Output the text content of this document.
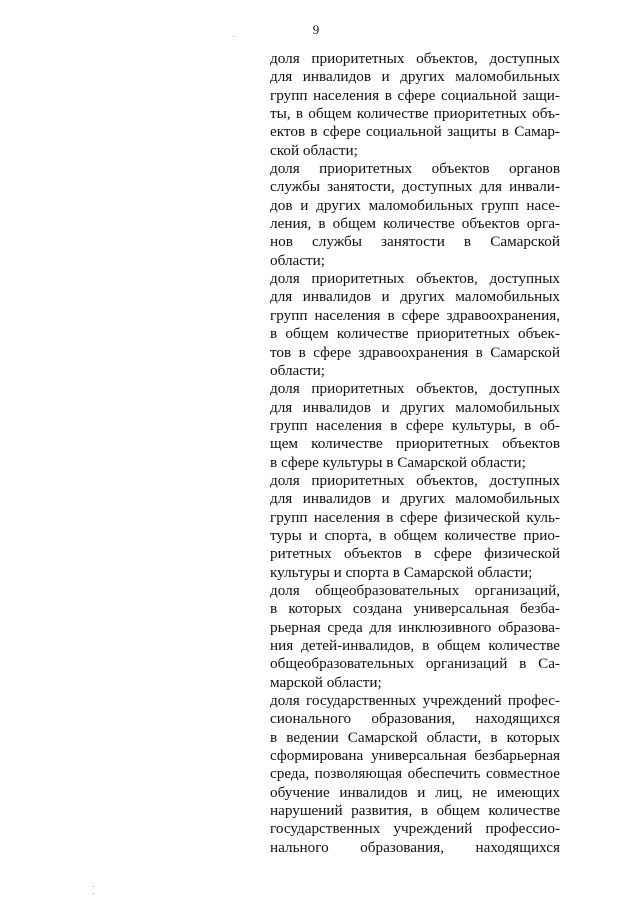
9
доля приоритетных объектов, доступных
для инвалидов и других маломобильных
групп населения в сфере социальной защи-
ты, в общем количестве приоритетных объ-
ектов в сфере социальной защиты в Самар-
ской области;
доля приоритетных объектов органов
службы занятости, доступных для инвали-
дов и других маломобильных групп насе-
ления, в общем количестве объектов орга-
нов службы занятости в Самарской
области;
доля приоритетных объектов, доступных
для инвалидов и других маломобильных
групп населения в сфере здравоохранения,
в общем количестве приоритетных объек-
тов в сфере здравоохранения в Самарской
области;
доля приоритетных объектов, доступных
для инвалидов и других маломобильных
групп населения в сфере культуры, в об-
щем количестве приоритетных объектов
в сфере культуры в Самарской области;
доля приоритетных объектов, доступных
для инвалидов и других маломобильных
групп населения в сфере физической куль-
туры и спорта, в общем количестве прио-
ритетных объектов в сфере физической
культуры и спорта в Самарской области;
доля общеобразовательных организаций,
в которых создана универсальная безба-
рьерная среда для инклюзивного образова-
ния детей-инвалидов, в общем количестве
общеобразовательных организаций в Са-
марской области;
доля государственных учреждений профес-
сионального образования, находящихся
в ведении Самарской области, в которых
сформирована универсальная безбарьерная
среда, позволяющая обеспечить совместное
обучение инвалидов и лиц, не имеющих
нарушений развития, в общем количестве
государственных учреждений профессио-
нального образования, находящихся
